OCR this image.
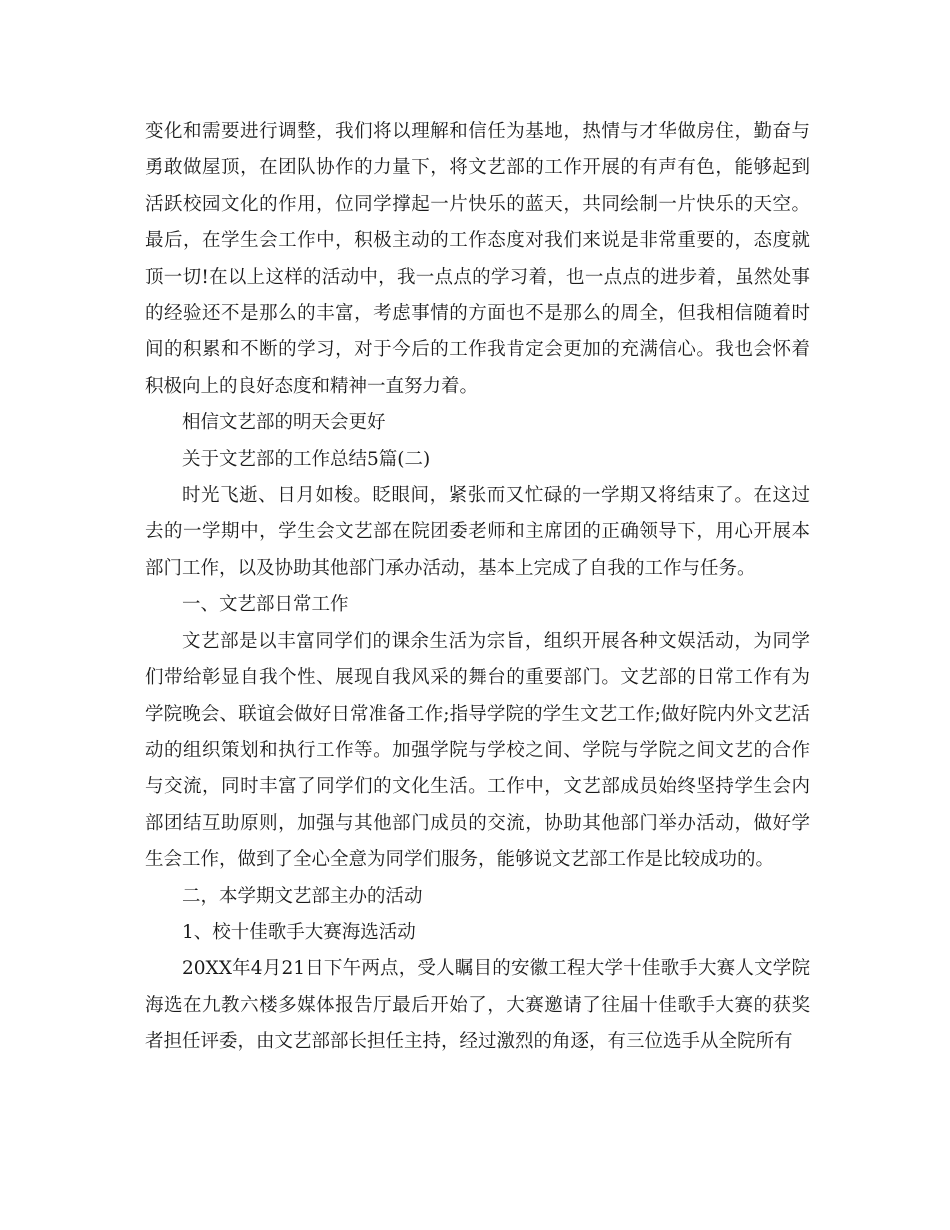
变化和需要进行调整，我们将以理解和信任为基地，热情与才华做房住，勤奋与勇敢做屋顶，在团队协作的力量下，将文艺部的工作开展的有声有色，能够起到活跃校园文化的作用，位同学撑起一片快乐的蓝天，共同绘制一片快乐的天空。最后，在学生会工作中，积极主动的工作态度对我们来说是非常重要的，态度就顶一切!在以上这样的活动中，我一点点的学习着，也一点点的进步着，虽然处事的经验还不是那么的丰富，考虑事情的方面也不是那么的周全，但我相信随着时间的积累和不断的学习，对于今后的工作我肯定会更加的充满信心。我也会怀着积极向上的良好态度和精神一直努力着。

相信文艺部的明天会更好

关于文艺部的工作总结5篇(二)

时光飞逝、日月如梭。眨眼间，紧张而又忙碌的一学期又将结束了。在这过去的一学期中，学生会文艺部在院团委老师和主席团的正确领导下，用心开展本部门工作，以及协助其他部门承办活动，基本上完成了自我的工作与任务。

一、文艺部日常工作

文艺部是以丰富同学们的课余生活为宗旨，组织开展各种文娱活动，为同学们带给彰显自我个性、展现自我风采的舞台的重要部门。文艺部的日常工作有为学院晚会、联谊会做好日常准备工作;指导学院的学生文艺工作;做好院内外文艺活动的组织策划和执行工作等。加强学院与学校之间、学院与学院之间文艺的合作与交流，同时丰富了同学们的文化生活。工作中，文艺部成员始终坚持学生会内部团结互助原则，加强与其他部门成员的交流，协助其他部门举办活动，做好学生会工作，做到了全心全意为同学们服务，能够说文艺部工作是比较成功的。

二，本学期文艺部主办的活动

1、校十佳歌手大赛海选活动

20XX年4月21日下午两点，受人瞩目的安徽工程大学十佳歌手大赛人文学院海选在九教六楼多媒体报告厅最后开始了，大赛邀请了往届十佳歌手大赛的获奖者担任评委，由文艺部部长担任主持，经过激烈的角逐，有三位选手从全院所有
